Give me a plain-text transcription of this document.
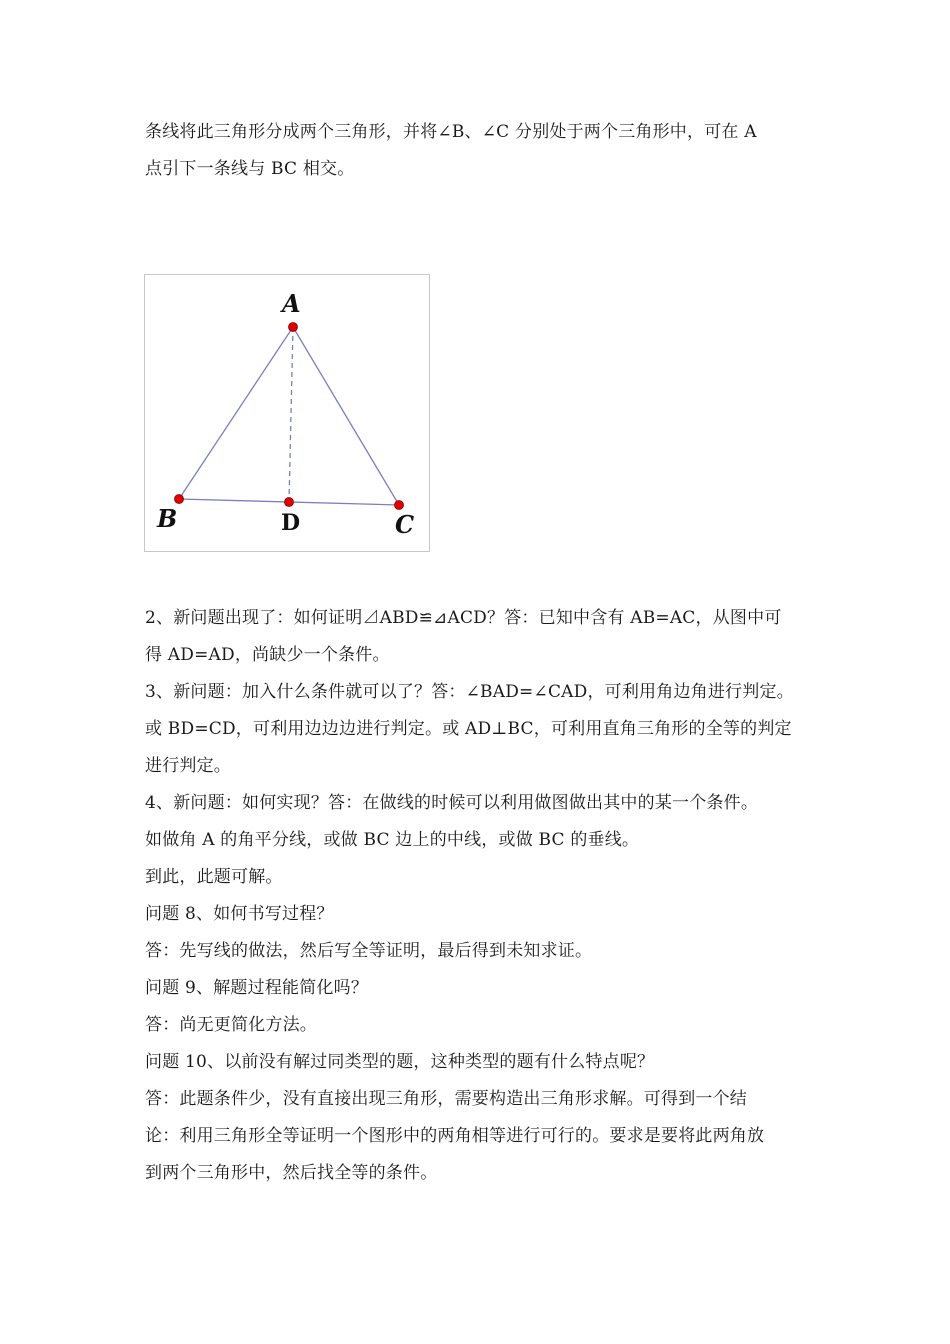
条线将此三角形分成两个三角形，并将∠B、∠C 分别处于两个三角形中，可在 A

点引下一条线与 BC 相交。

A
B	D	C

2、新问题出现了：如何证明⊿ABD≌⊿ACD？答：已知中含有 AB=AC，从图中可

得 AD=AD，尚缺少一个条件。

3、新问题：加入什么条件就可以了？答：∠BAD=∠CAD，可利用角边角进行判定。

或 BD=CD，可利用边边边进行判定。或 AD⊥BC，可利用直角三角形的全等的判定

进行判定。

4、新问题：如何实现？答：在做线的时候可以利用做图做出其中的某一个条件。

如做角 A 的角平分线，或做 BC 边上的中线，或做 BC 的垂线。

到此，此题可解。

问题 8、如何书写过程？

答：先写线的做法，然后写全等证明，最后得到未知求证。

问题 9、解题过程能简化吗？

答：尚无更简化方法。

问题 10、以前没有解过同类型的题，这种类型的题有什么特点呢？

答：此题条件少，没有直接出现三角形，需要构造出三角形求解。可得到一个结

论：利用三角形全等证明一个图形中的两角相等进行可行的。要求是要将此两角放

到两个三角形中，然后找全等的条件。
